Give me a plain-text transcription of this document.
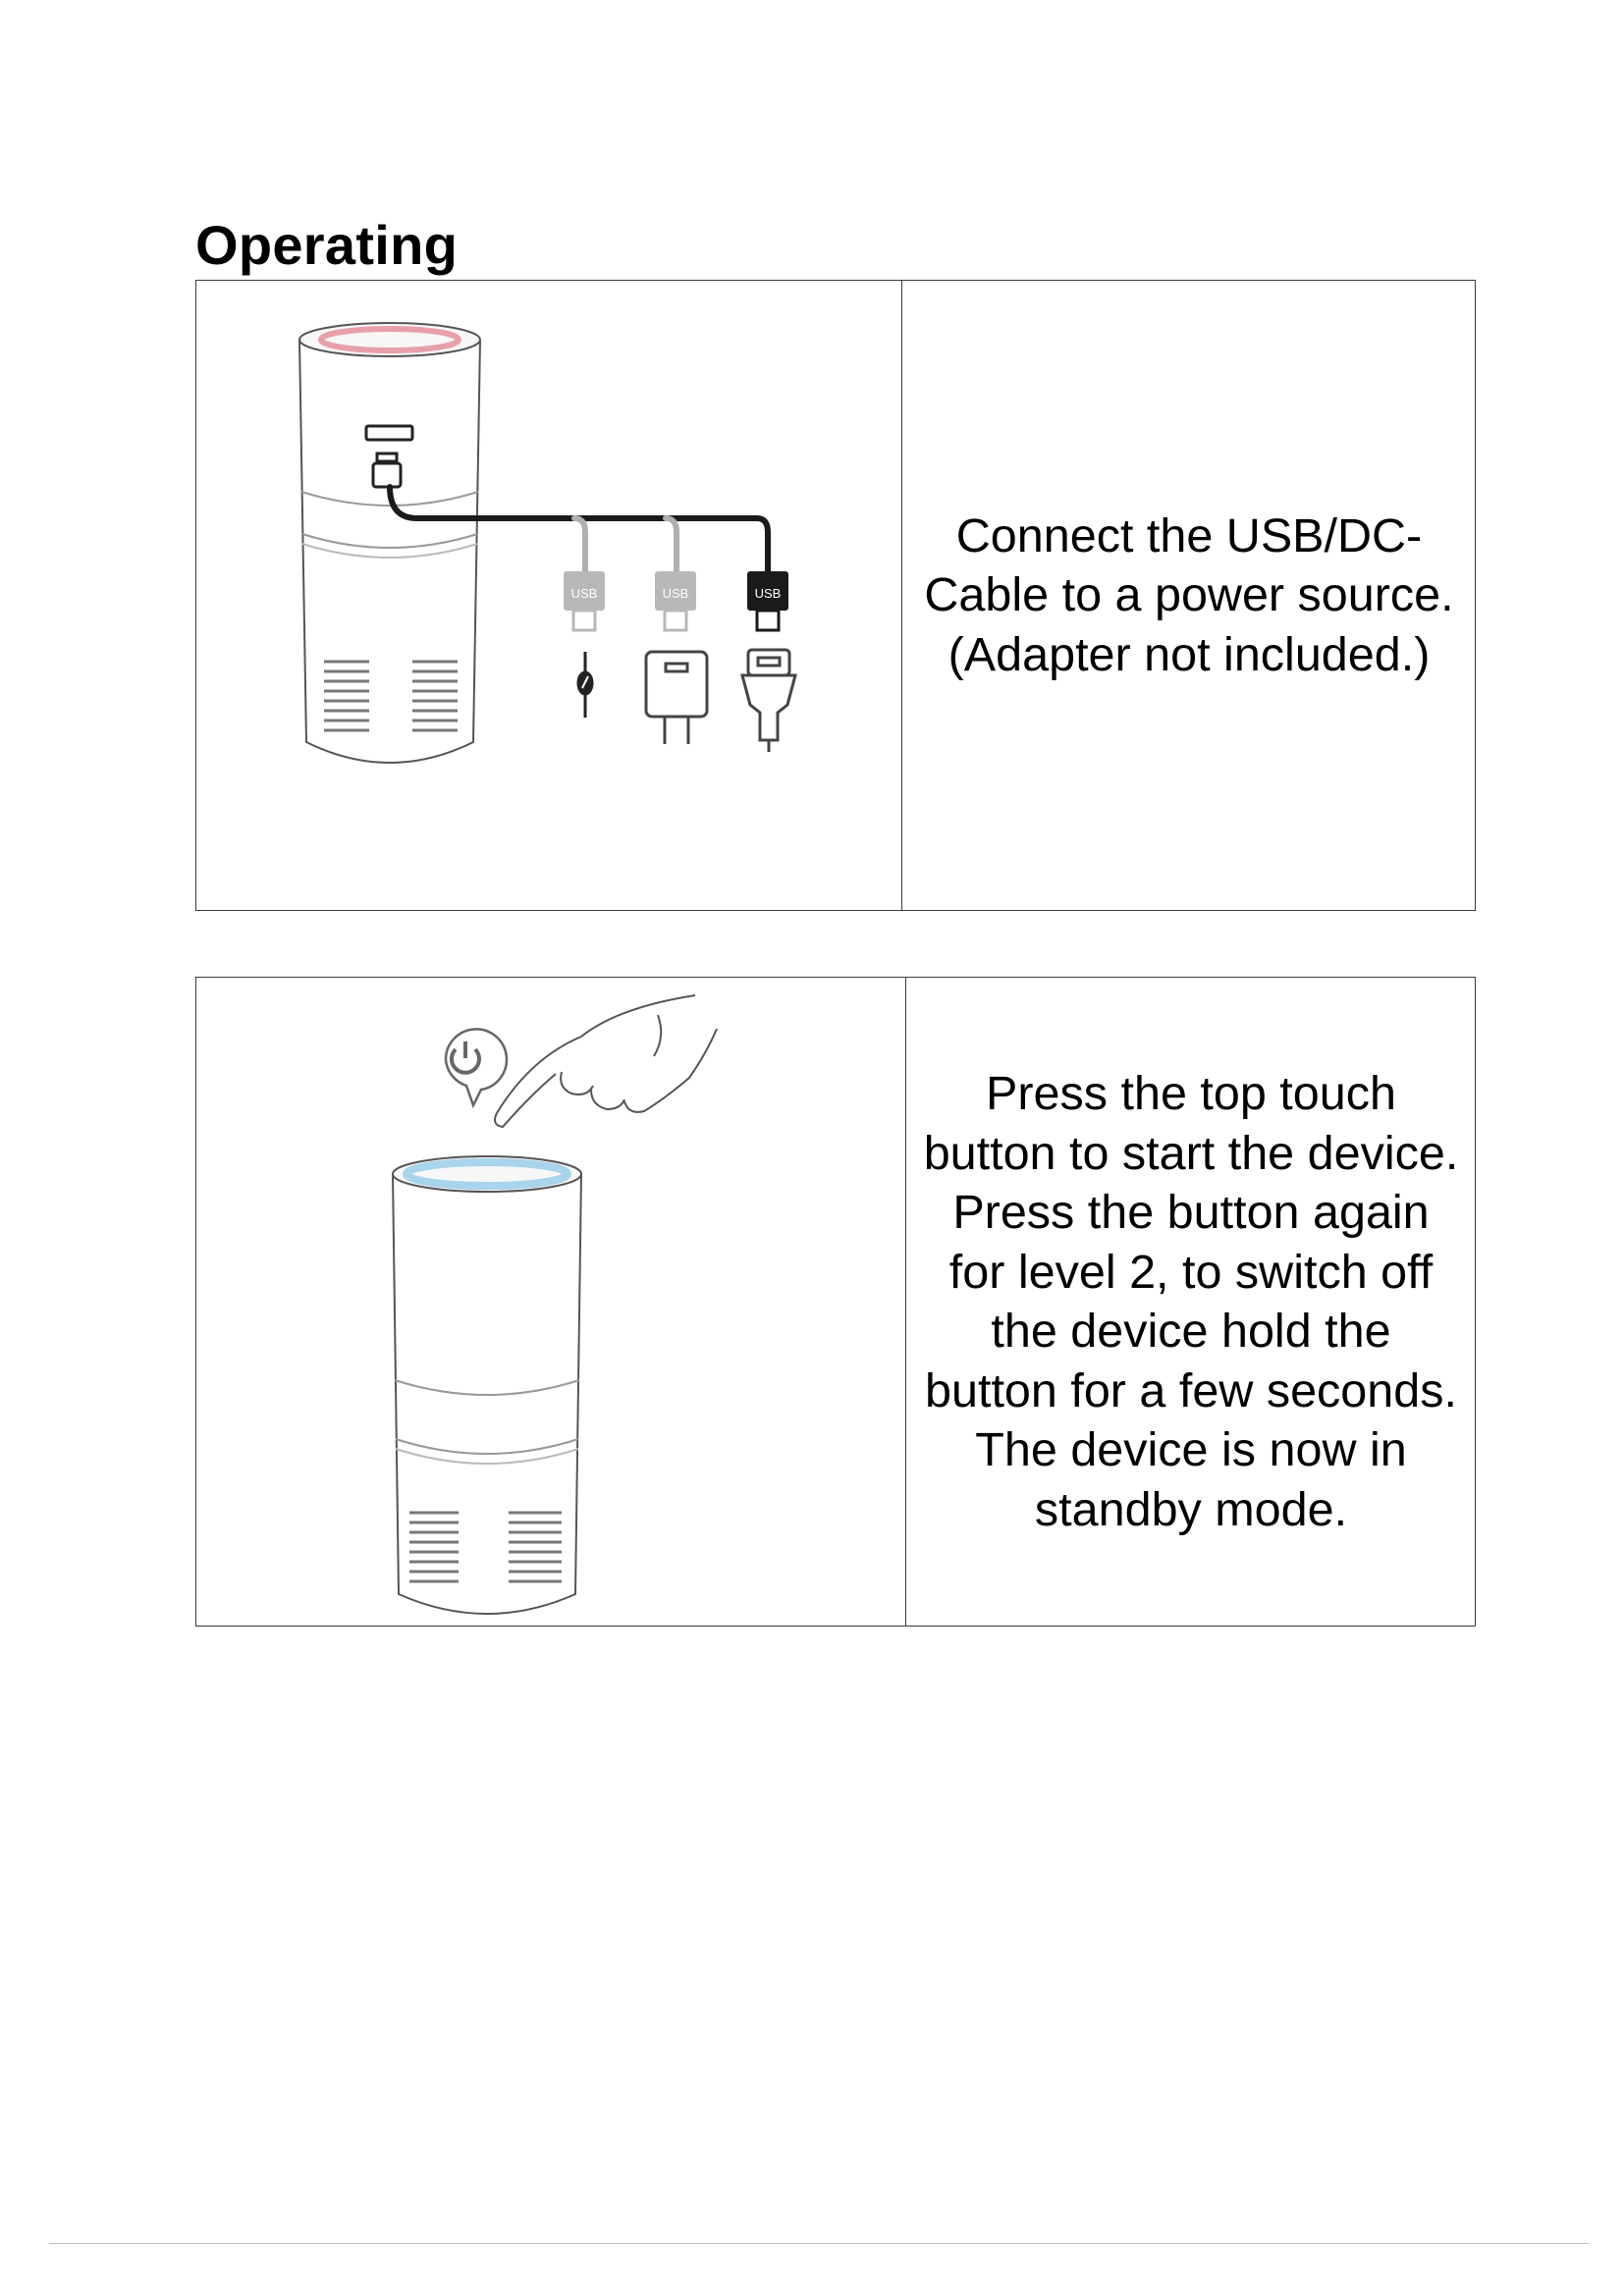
Operating
USB	USB	USB
Connect the USB/DC-Cable to a power source. (Adapter not included.)
Press the top touch button to start the device.
Press the button again for level 2, to switch off the device hold the button for a few seconds. The device is now in standby mode.
